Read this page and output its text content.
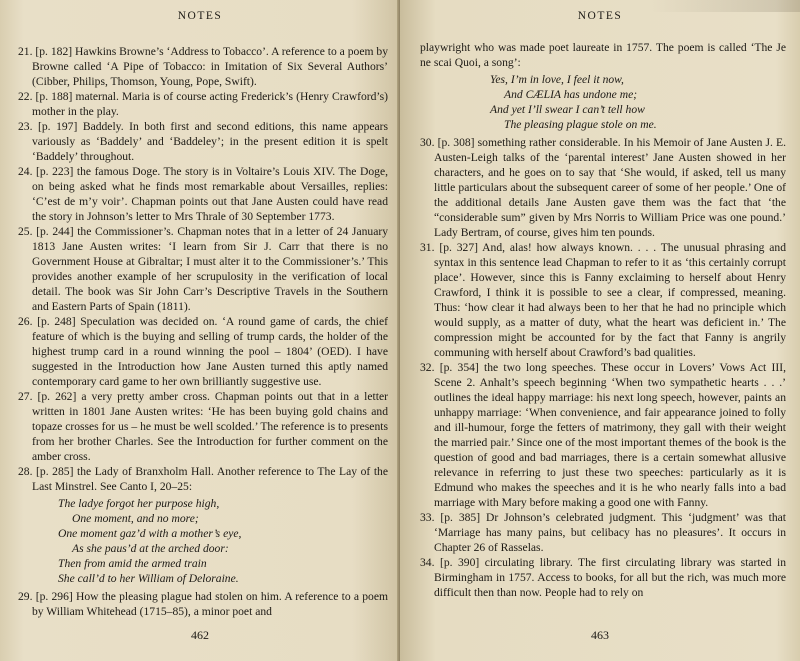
NOTES

21. [p. 182] Hawkins Browne’s ‘Address to Tobacco’. A reference to a poem by Browne called ‘A Pipe of Tobacco: in Imitation of Six Several Authors’ (Cibber, Philips, Thomson, Young, Pope, Swift).

22. [p. 188] maternal. Maria is of course acting Frederick’s (Henry Crawford’s) mother in the play.

23. [p. 197] Baddely. In both first and second editions, this name appears variously as ‘Baddely’ and ‘Baddeley’; in the present edition it is spelt ‘Baddely’ throughout.

24. [p. 223] the famous Doge. The story is in Voltaire’s Louis XIV. The Doge, on being asked what he finds most remarkable about Versailles, replies: ‘C’est de m’y voir’. Chapman points out that Jane Austen could have read the story in Johnson’s letter to Mrs Thrale of 30 September 1773.

25. [p. 244] the Commissioner’s. Chapman notes that in a letter of 24 January 1813 Jane Austen writes: ‘I learn from Sir J. Carr that there is no Government House at Gibraltar; I must alter it to the Commissioner’s.’ This provides another example of her scrupulosity in the verification of local detail. The book was Sir John Carr’s Descriptive Travels in the Southern and Eastern Parts of Spain (1811).

26. [p. 248] Speculation was decided on. ‘A round game of cards, the chief feature of which is the buying and selling of trump cards, the holder of the highest trump card in a round winning the pool – 1804’ (OED). I have suggested in the Introduction how Jane Austen turned this aptly named contemporary card game to her own brilliantly suggestive use.

27. [p. 262] a very pretty amber cross. Chapman points out that in a letter written in 1801 Jane Austen writes: ‘He has been buying gold chains and topaze crosses for us – he must be well scolded.’ The reference is to presents from her brother Charles. See the Introduction for further comment on the amber cross.

28. [p. 285] the Lady of Branxholm Hall. Another reference to The Lay of the Last Minstrel. See Canto I, 20–25:

The ladye forgot her purpose high,
One moment, and no more;
One moment gaz’d with a mother’s eye,
As she paus’d at the arched door:
Then from amid the armed train
She call’d to her William of Deloraine.

29. [p. 296] How the pleasing plague had stolen on him. A reference to a poem by William Whitehead (1715–85), a minor poet and

462
NOTES

playwright who was made poet laureate in 1757. The poem is called ‘The Je ne scai Quoi, a song’:

Yes, I’m in love, I feel it now,
And CÆLIA has undone me;
And yet I’ll swear I can’t tell how
The pleasing plague stole on me.

30. [p. 308] something rather considerable. In his Memoir of Jane Austen J. E. Austen-Leigh talks of the ‘parental interest’ Jane Austen showed in her characters, and he goes on to say that ‘She would, if asked, tell us many little particulars about the subsequent career of some of her people.’ One of the additional details Jane Austen gave them was the fact that ‘the “considerable sum” given by Mrs Norris to William Price was one pound.’ Lady Bertram, of course, gives him ten pounds.

31. [p. 327] And, alas! how always known. . . . The unusual phrasing and syntax in this sentence lead Chapman to refer to it as ‘this certainly corrupt place’. However, since this is Fanny exclaiming to herself about Henry Crawford, I think it is possible to see a clear, if compressed, meaning. Thus: ‘how clear it had always been to her that he had no principle which would supply, as a matter of duty, what the heart was deficient in.’ The compression might be accounted for by the fact that Fanny is angrily communing with herself about Crawford’s bad qualities.

32. [p. 354] the two long speeches. These occur in Lovers’ Vows Act III, Scene 2. Anhalt’s speech beginning ‘When two sympathetic hearts . . .’ outlines the ideal happy marriage: his next long speech, however, paints an unhappy marriage: ‘When convenience, and fair appearance joined to folly and ill-humour, forge the fetters of matrimony, they gall with their weight the married pair.’ Since one of the most important themes of the book is the question of good and bad marriages, there is a certain somewhat allusive relevance in referring to just these two speeches: particularly as it is Edmund who makes the speeches and it is he who nearly falls into a bad marriage with Mary before making a good one with Fanny.

33. [p. 385] Dr Johnson’s celebrated judgment. This ‘judgment’ was that ‘Marriage has many pains, but celibacy has no pleasures’. It occurs in Chapter 26 of Rasselas.

34. [p. 390] circulating library. The first circulating library was started in Birmingham in 1757. Access to books, for all but the rich, was much more difficult then than now. People had to rely on

463
